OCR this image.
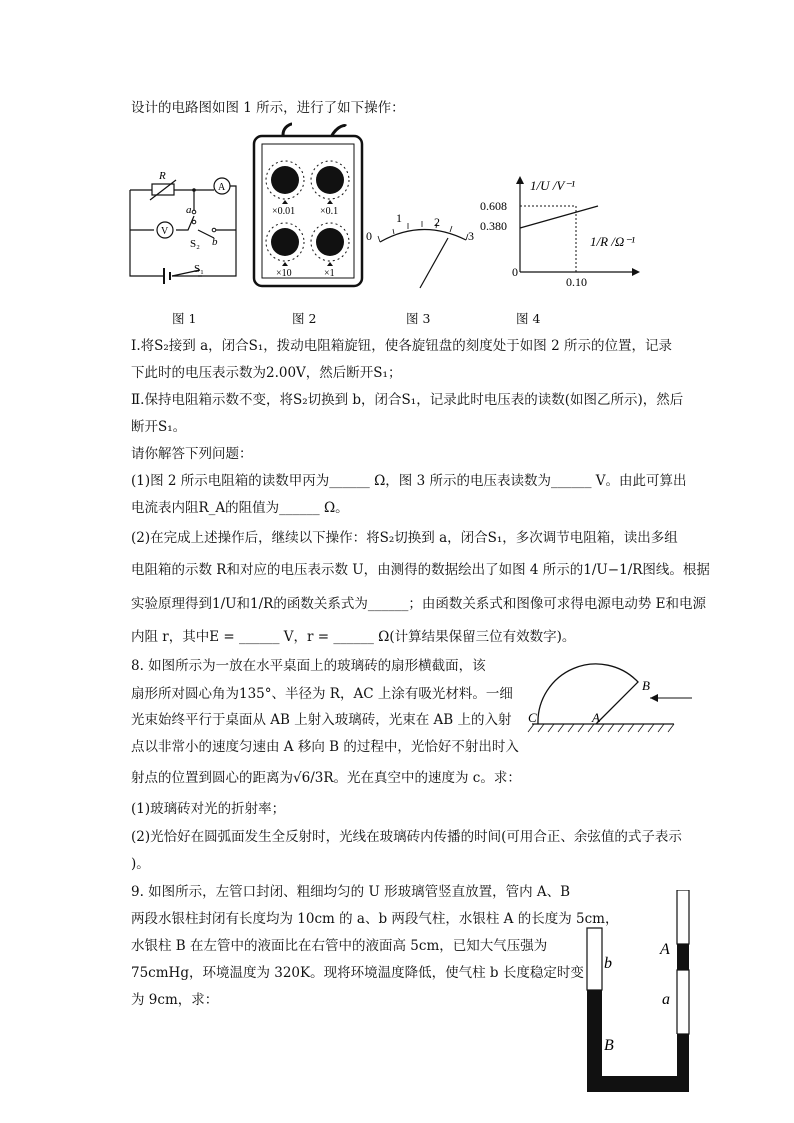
设计的电路图如图 1 所示，进行了如下操作：
R
A
V
a
b
S₂
S₁
图 1
×0.01 ×0.1
×10	×1
图 2
0
1	2
3
图 3
1/U /V⁻¹
0.608
0.380
0
0.10
1/R /Ω⁻¹
图 4
Ⅰ.将S₂接到 a，闭合S₁，拨动电阻箱旋钮，使各旋钮盘的刻度处于如图 2 所示的位置，记录
下此时的电压表示数为2.00V，然后断开S₁；
Ⅱ.保持电阻箱示数不变，将S₂切换到 b，闭合S₁，记录此时电压表的读数(如图乙所示)，然后
断开S₁。
请你解答下列问题：
(1)图 2 所示电阻箱的读数甲丙为______ Ω，图 3 所示的电压表读数为______ V。由此可算出
电流表内阻R_A的阻值为______ Ω。
(2)在完成上述操作后，继续以下操作：将S₂切换到 a，闭合S₁，多次调节电阻箱，读出多组
电阻箱的示数 R和对应的电压表示数 U，由测得的数据绘出了如图 4 所示的1/U−1/R图线。根据
实验原理得到1/U和1/R的函数关系式为______；由函数关系式和图像可求得电源电动势 E和电源
内阻 r，其中E = ______ V，r = ______ Ω(计算结果保留三位有效数字)。
8. 如图所示为一放在水平桌面上的玻璃砖的扇形横截面，该
扇形所对圆心角为135°、半径为 R，AC 上涂有吸光材料。一细
光束始终平行于桌面从 AB 上射入玻璃砖，光束在 AB 上的入射
点以非常小的速度匀速由 A 移向 B 的过程中，光恰好不射出时入
射点的位置到圆心的距离为√6/3R。光在真空中的速度为 c。求：
(1)玻璃砖对光的折射率；
(2)光恰好在圆弧面发生全反射时，光线在玻璃砖内传播的时间(可用合正、余弦值的式子表示
)。
C	A
B
9. 如图所示，左管口封闭、粗细均匀的 U 形玻璃管竖直放置，管内 A、B
两段水银柱封闭有长度均为 10cm 的 a、b 两段气柱，水银柱 A 的长度为 5cm，
水银柱 B 在左管中的液面比在右管中的液面高 5cm，已知大气压强为
75cmHg，环境温度为 320K。现将环境温度降低，使气柱 b 长度稳定时变
为 9cm，求：
A
a
b
B
